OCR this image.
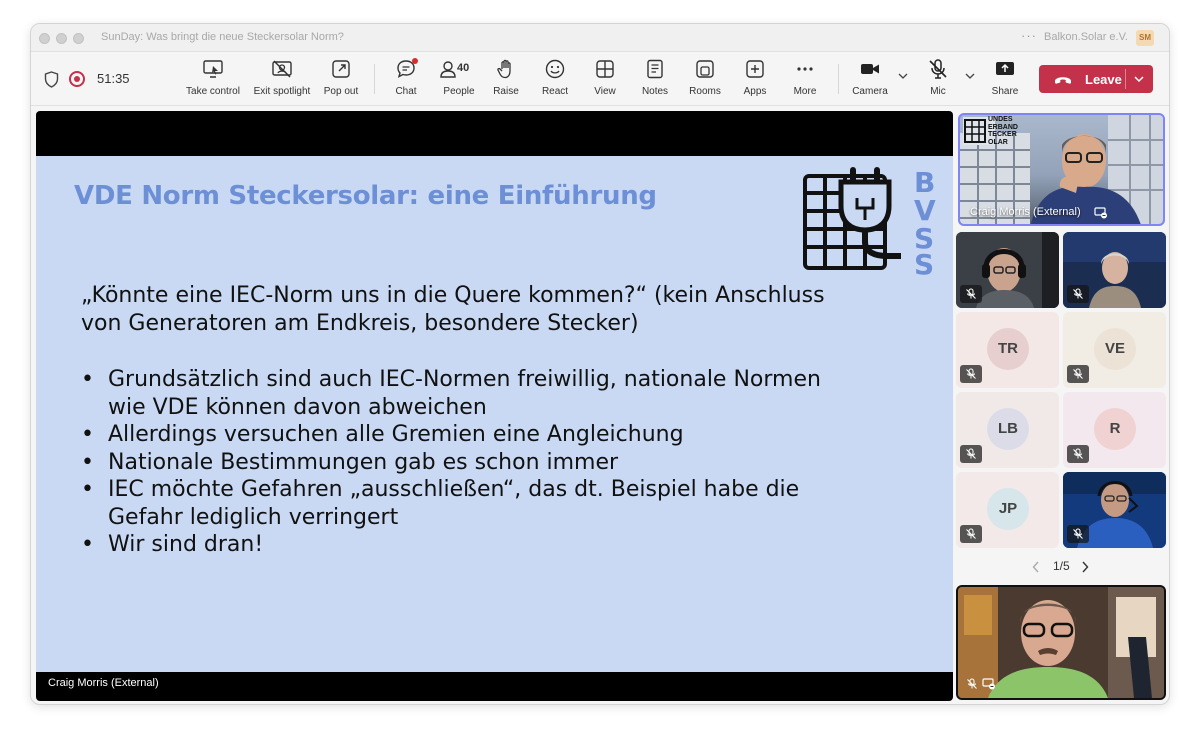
SunDay: Was bringt die neue Steckersolar Norm?	··· Balkon.Solar e.V.	SM
51:35
Take control	Exit spotlight	Pop out	Chat
40
People	Raise	React	View	Notes	Rooms	Apps	More	Camera	Mic	Share
Leave
VDE Norm Steckersolar: eine Einführung	B
V
S
S
„Könnte eine IEC-Norm uns in die Quere kommen?“ (kein Anschluss von Generatoren am Endkreis, besondere Stecker)
• Grundsätzlich sind auch IEC-Normen freiwillig, nationale Normen wie VDE können davon abweichen
• Allerdings versuchen alle Gremien eine Angleichung
• Nationale Bestimmungen gab es schon immer
• IEC möchte Gefahren „ausschließen“, das dt. Beispiel habe die Gefahr lediglich verringert
• Wir sind dran!
Craig Morris (External)
UNDES
ERBAND
TECKER
OLAR
Craig Morris (External)
TR	VE
LB	R
JP
1/5
